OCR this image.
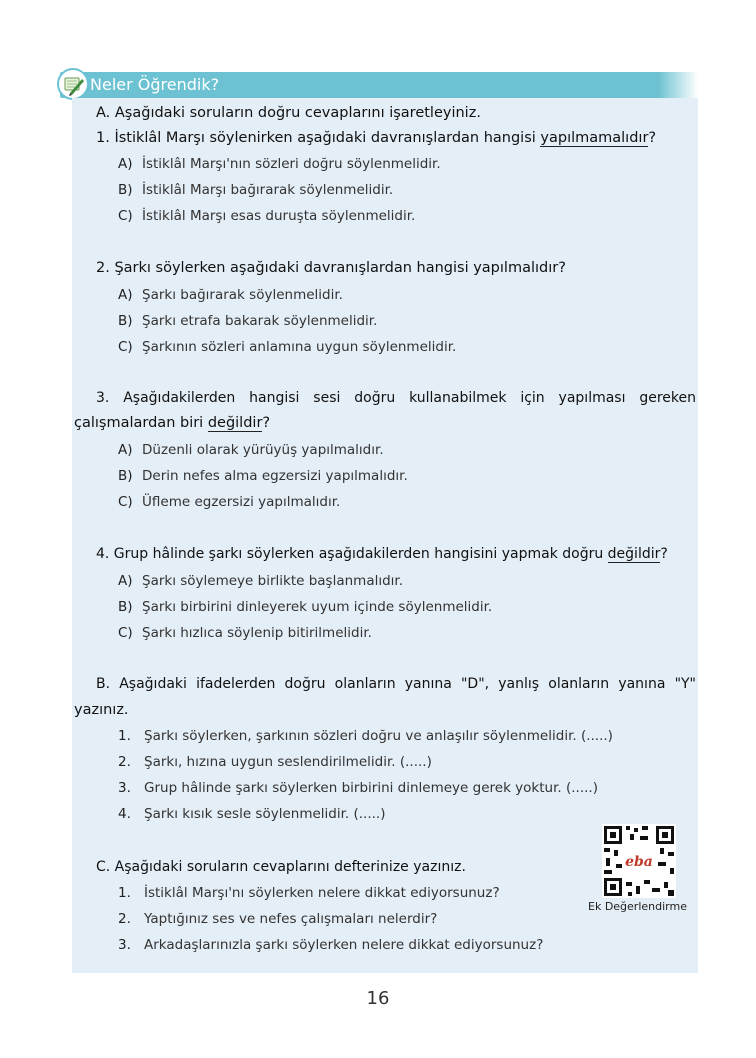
Neler Öğrendik?
A. Aşağıdaki soruların doğru cevaplarını işaretleyiniz.
1. İstiklâl Marşı söylenirken aşağıdaki davranışlardan hangisi yapılmamalıdır?
A) İstiklâl Marşı'nın sözleri doğru söylenmelidir.
B) İstiklâl Marşı bağırarak söylenmelidir.
C) İstiklâl Marşı esas duruşta söylenmelidir.
2. Şarkı söylerken aşağıdaki davranışlardan hangisi yapılmalıdır?
A) Şarkı bağırarak söylenmelidir.
B) Şarkı etrafa bakarak söylenmelidir.
C) Şarkının sözleri anlamına uygun söylenmelidir.
3. Aşağıdakilerden hangisi sesi doğru kullanabilmek için yapılması gereken
çalışmalardan biri değildir?
A) Düzenli olarak yürüyüş yapılmalıdır.
B) Derin nefes alma egzersizi yapılmalıdır.
C) Üfleme egzersizi yapılmalıdır.
4. Grup hâlinde şarkı söylerken aşağıdakilerden hangisini yapmak doğru değildir?
A) Şarkı söylemeye birlikte başlanmalıdır.
B) Şarkı birbirini dinleyerek uyum içinde söylenmelidir.
C) Şarkı hızlıca söylenip bitirilmelidir.
B. Aşağıdaki ifadelerden doğru olanların yanına "D", yanlış olanların yanına "Y"
yazınız.
1. Şarkı söylerken, şarkının sözleri doğru ve anlaşılır söylenmelidir. (.....)
2. Şarkı, hızına uygun seslendirilmelidir. (.....)
3. Grup hâlinde şarkı söylerken birbirini dinlemeye gerek yoktur. (.....)
4. Şarkı kısık sesle söylenmelidir. (.....)
C. Aşağıdaki soruların cevaplarını defterinize yazınız.
1. İstiklâl Marşı'nı söylerken nelere dikkat ediyorsunuz?
2. Yaptığınız ses ve nefes çalışmaları nelerdir?
3. Arkadaşlarınızla şarkı söylerken nelere dikkat ediyorsunuz?
eba
Ek Değerlendirme
16
